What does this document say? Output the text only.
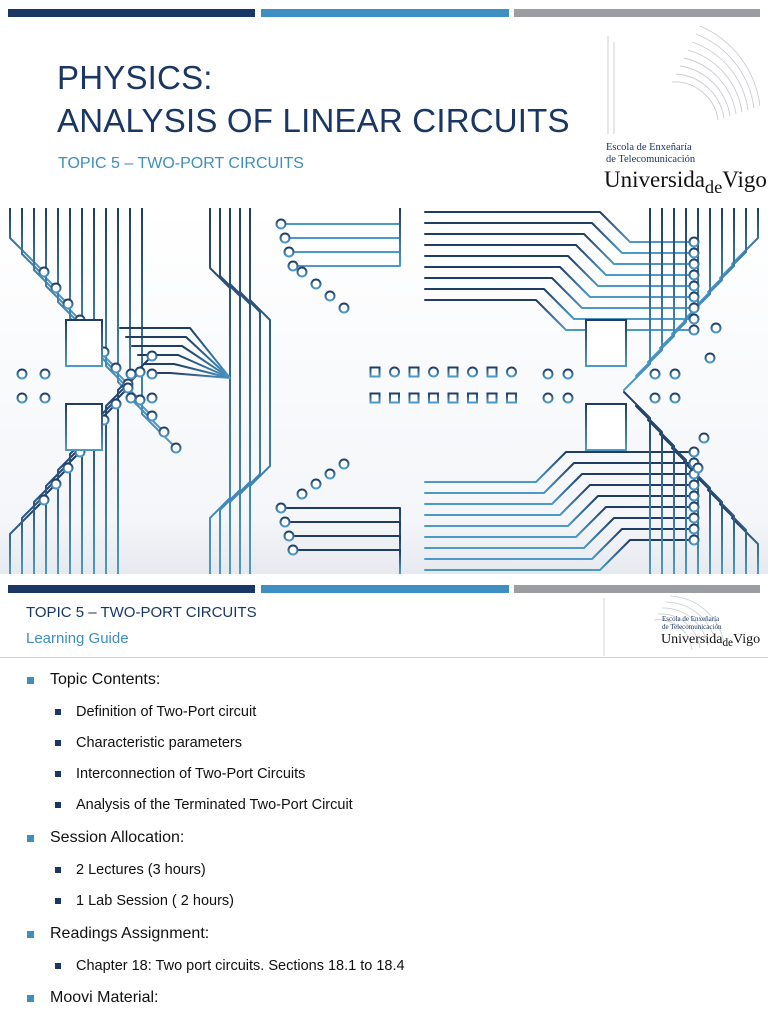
PHYSICS:
ANALYSIS OF LINEAR CIRCUITS
TOPIC 5 – TWO-PORT CIRCUITS
Escola de Enxeñaría
de Telecomunicación
Universida$_{de}$Vigo
TOPIC 5 – TWO-PORT CIRCUITS
Learning Guide
Escola de Enxeñaría
de Telecomunicación
Universida$_{de}$Vigo
Topic Contents:
Definition of Two-Port circuit
Characteristic parameters
Interconnection of Two-Port Circuits
Analysis of the Terminated Two-Port Circuit
Session Allocation:
2 Lectures (3 hours)
1 Lab Session ( 2 hours)
Readings Assignment:
Chapter 18: Two port circuits. Sections 18.1 to 18.4
Moovi Material:
